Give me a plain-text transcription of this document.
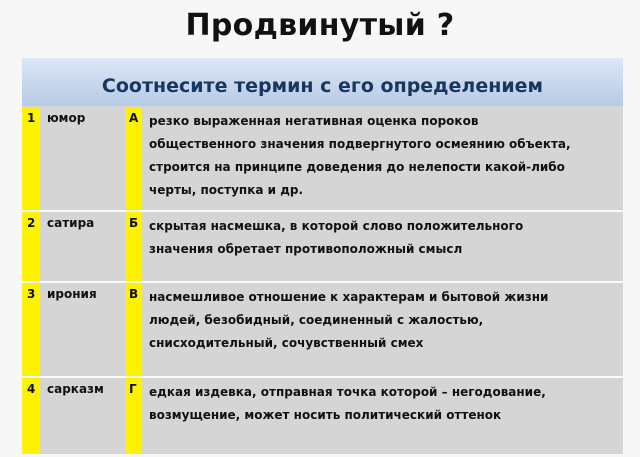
Продвинутый ?
Соотнесите термин с его определением
1 юмор	А резко выраженная негативная оценка пороков
общественного значения подвергнутого осмеянию объекта,
строится на принципе доведения до нелепости какой-либо
черты, поступка и др.
2 сатира	Б скрытая насмешка, в которой слово положительного
значения обретает противоположный смысл
3 ирония	В насмешливое отношение к характерам и бытовой жизни
людей, безобидный, соединенный с жалостью,
снисходительный, сочувственный смех
4 сарказм	Г	едкая издевка, отправная точка которой – негодование,
возмущение, может носить политический оттенок
